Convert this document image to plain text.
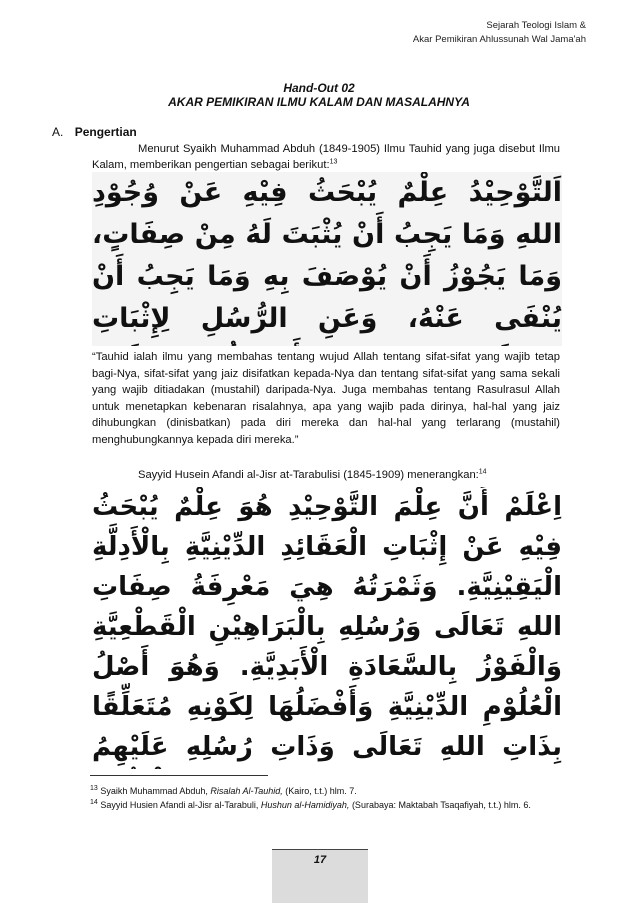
Sejarah Teologi Islam &
Akar Pemikiran Ahlussunah Wal Jama'ah
Hand-Out 02
AKAR PEMIKIRAN ILMU KALAM DAN MASALAHNYA
A. Pengertian
Menurut Syaikh Muhammad Abduh (1849-1905) Ilmu Tauhid yang juga disebut Ilmu Kalam, memberikan pengertian sebagai berikut:$^{13}$
اَلتَّوْحِيْدُ عِلْمٌ يُبْحَثُ فِيْهِ عَنْ وُجُوْدِ اللهِ وَمَا يَجِبُ أَنْ يُثْبَتَ لَهُ مِنْ صِفَاتٍ، وَمَا يَجُوْزُ أَنْ يُوْصَفَ بِهِ وَمَا يَجِبُ أَنْ يُنْفَى عَنْهُ، وَعَنِ الرُّسُلِ لِإِثْبَاتِ
“Tauhid ialah ilmu yang membahas tentang wujud Allah tentang sifat-sifat yang wajib tetap bagi-Nya, sifat-sifat yang jaiz disifatkan kepada-Nya dan tentang sifat-sifat yang sama sekali yang wajib ditiadakan (mustahil) daripada-Nya. Juga membahas tentang Rasulrasul Allah untuk menetapkan kebenaran risalahnya, apa yang wajib pada dirinya, hal-hal yang jaiz dihubungkan (dinisbatkan) pada diri mereka dan hal-hal yang terlarang (mustahil) menghubungkannya kepada diri mereka.”
Sayyid Husein Afandi al-Jisr at-Tarabulisi (1845-1909) menerangkan:$^{14}$
اِعْلَمْ أَنَّ عِلْمَ التَّوْحِيْدِ هُوَ عِلْمٌ يُبْحَثُ فِيْهِ عَنْ إِثْبَاتِ الْعَقَائِدِ الدِّيْنِيَّةِ بِالْأَدِلَّةِ الْيَقِيْنِيَّةِ. وَثَمْرَتُهُ هِيَ مَعْرِفَةُ صِفَاتِ اللهِ تَعَالَى وَرُسُلِهِ بِالْبَرَاهِيْنِ الْقَطْعِيَّةِ وَالْفَوْزُ بِالسَّعَادَةِ الْأَبَدِيَّةِ. وَهُوَ أَصْلُ الْعُلُوْمِ الدِّيْنِيَّةِ وَأَفْضَلُهَا لِكَوْنِهِ مُتَعَلِّقًا بِذَاتِ اللهِ تَعَالَى وَذَاتِ رُسُلِهِ عَلَيْهِمُ
$^{13}$ Syaikh Muhammad Abduh, Risalah Al-Tauhid, (Kairo, t.t.) hlm. 7.
$^{14}$ Sayyid Husien Afandi al-Jisr al-Tarabuli, Hushun al-Hamidiyah, (Surabaya: Maktabah Tsaqafiyah, t.t.) hlm. 6.
17
